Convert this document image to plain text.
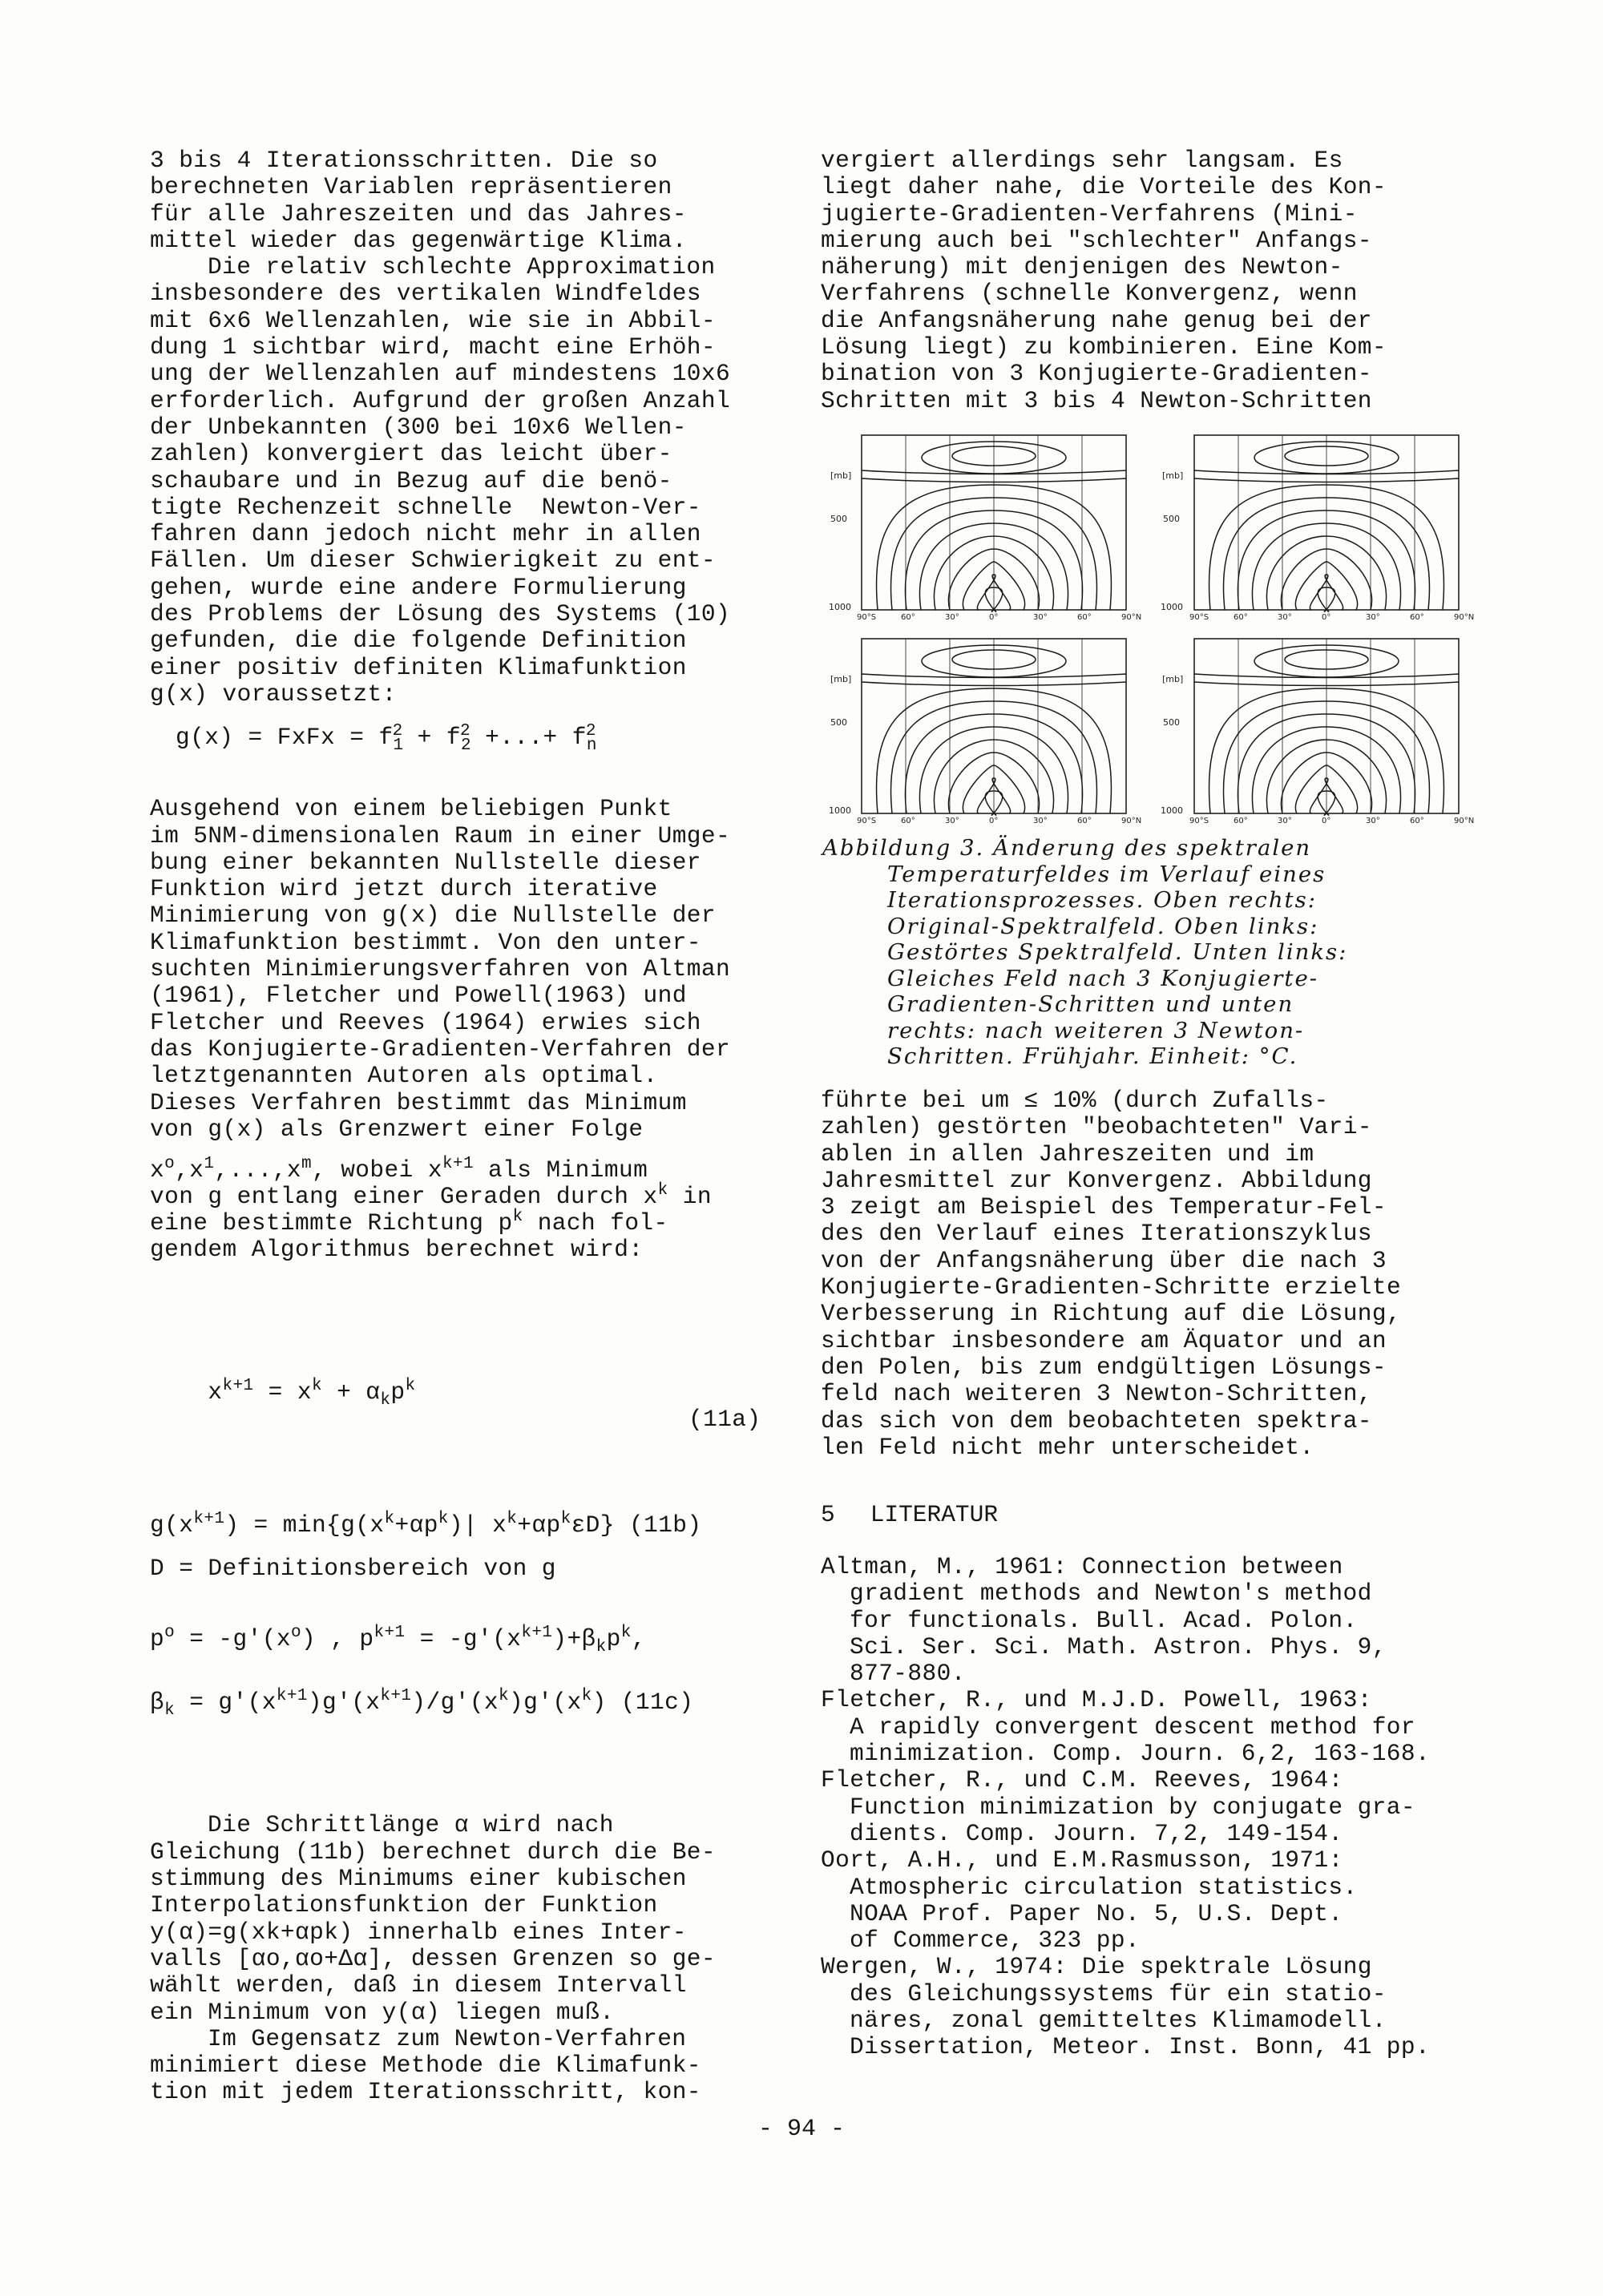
3 bis 4 Iterationsschritten. Die so

berechneten Variablen repräsentieren

für alle Jahreszeiten und das Jahres-

mittel wieder das gegenwärtige Klima.

Die relativ schlechte Approximation

insbesondere des vertikalen Windfeldes

mit 6x6 Wellenzahlen, wie sie in Abbil-

dung 1 sichtbar wird, macht eine Erhöh-

ung der Wellenzahlen auf mindestens 10x6

erforderlich. Aufgrund der großen Anzahl

der Unbekannten (300 bei 10x6 Wellen-

zahlen) konvergiert das leicht über-

schaubare und in Bezug auf die benö-

tigte Rechenzeit schnelle  Newton-Ver-

fahren dann jedoch nicht mehr in allen

Fällen. Um dieser Schwierigkeit zu ent-

gehen, wurde eine andere Formulierung

des Problems der Lösung des Systems (10)

gefunden, die die folgende Definition

einer positiv definiten Klimafunktion

g(x) voraussetzt:

g(x) = FxFx = $f_1^2 + f_2^2$ +...+ $f_n^2$

Ausgehend von einem beliebigen Punkt

im 5NM-dimensionalen Raum in einer Umge-

bung einer bekannten Nullstelle dieser

Funktion wird jetzt durch iterative

Minimierung von g(x) die Nullstelle der

Klimafunktion bestimmt. Von den unter-

suchten Minimierungsverfahren von Altman

(1961), Fletcher und Powell(1963) und

Fletcher und Reeves (1964) erwies sich

das Konjugierte-Gradienten-Verfahren der

letztgenannten Autoren als optimal.

Dieses Verfahren bestimmt das Minimum

von g(x) als Grenzwert einer Folge

$x^o,x^1,...,x^m$, wobei $x^{k+1}$ als Minimum

von g entlang einer Geraden durch $x^k$ in

eine bestimmte Richtung $p^k$ nach fol-

gendem Algorithmus berechnet wird:

$x^{k+1} = x^k + \alpha_kp^k$

(11a)

$g(x^{k+1}) = \min\{g(x^k+\alpha p^k)|$ $x^k+\alpha p^k\varepsilon D$} (11b)
D = Definitionsbereich von g
$p^o = -g'(x^o)$ , $p^{k+1} = -g'(x^{k+1})+\beta_kp^k$,
$\beta_k = g'(x^{k+1})g'(x^{k+1})/g'(x^k)g'(x^k)$ (11c)

Die Schrittlänge α wird nach

Gleichung (11b) berechnet durch die Be-

stimmung des Minimums einer kubischen

Interpolationsfunktion der Funktion

y(α)=g(xk+αpk) innerhalb eines Inter-

valls [αo,αo+Δα], dessen Grenzen so ge-

wählt werden, daß in diesem Intervall

ein Minimum von y(α) liegen muß.

Im Gegensatz zum Newton-Verfahren

minimiert diese Methode die Klimafunk-

tion mit jedem Iterationsschritt, kon-

vergiert allerdings sehr langsam. Es

liegt daher nahe, die Vorteile des Kon-

jugierte-Gradienten-Verfahrens (Mini-

mierung auch bei "schlechter" Anfangs-

näherung) mit denjenigen des Newton-

Verfahrens (schnelle Konvergenz, wenn

die Anfangsnäherung nahe genug bei der

Lösung liegt) zu kombinieren. Eine Kom-

bination von 3 Konjugierte-Gradienten-

Schritten mit 3 bis 4 Newton-Schritten

[mb]
500
1000
[mb]
500
1000
[mb]
500
1000
[mb]
500
1000
90°S	60°	30°	0°	30°	60°	90°N	90°S	60°	30°	0°	30°	60°	90°N
90°S	60°	30°	0°	30°	60°	90°N	90°S	60°	30°	0°	30°	60°	90°N

Abbildung 3. Änderung des spektralen

Temperaturfeldes im Verlauf eines

Iterationsprozesses. Oben rechts:

Original-Spektralfeld. Oben links:

Gestörtes Spektralfeld. Unten links:

Gleiches Feld nach 3 Konjugierte-

Gradienten-Schritten und unten

rechts: nach weiteren 3 Newton-

Schritten. Frühjahr. Einheit: °C.

führte bei um ≤ 10% (durch Zufalls-

zahlen) gestörten "beobachteten" Vari-

ablen in allen Jahreszeiten und im

Jahresmittel zur Konvergenz. Abbildung

3 zeigt am Beispiel des Temperatur-Fel-

des den Verlauf eines Iterationszyklus

von der Anfangsnäherung über die nach 3

Konjugierte-Gradienten-Schritte erzielte

Verbesserung in Richtung auf die Lösung,

sichtbar insbesondere am Äquator und an

den Polen, bis zum endgültigen Lösungs-

feld nach weiteren 3 Newton-Schritten,

das sich von dem beobachteten spektra-

len Feld nicht mehr unterscheidet.

5 LITERATUR

Altman, M., 1961: Connection between

gradient methods and Newton's method

for functionals. Bull. Acad. Polon.

Sci. Ser. Sci. Math. Astron. Phys. 9,

877-880.

Fletcher, R., und M.J.D. Powell, 1963:

A rapidly convergent descent method for

minimization. Comp. Journ. 6,2, 163-168.

Fletcher, R., und C.M. Reeves, 1964:

Function minimization by conjugate gra-

dients. Comp. Journ. 7,2, 149-154.

Oort, A.H., und E.M.Rasmusson, 1971:

Atmospheric circulation statistics.

NOAA Prof. Paper No. 5, U.S. Dept.

of Commerce, 323 pp.

Wergen, W., 1974: Die spektrale Lösung

des Gleichungssystems für ein statio-

näres, zonal gemitteltes Klimamodell.

Dissertation, Meteor. Inst. Bonn, 41 pp.

- 94 -
